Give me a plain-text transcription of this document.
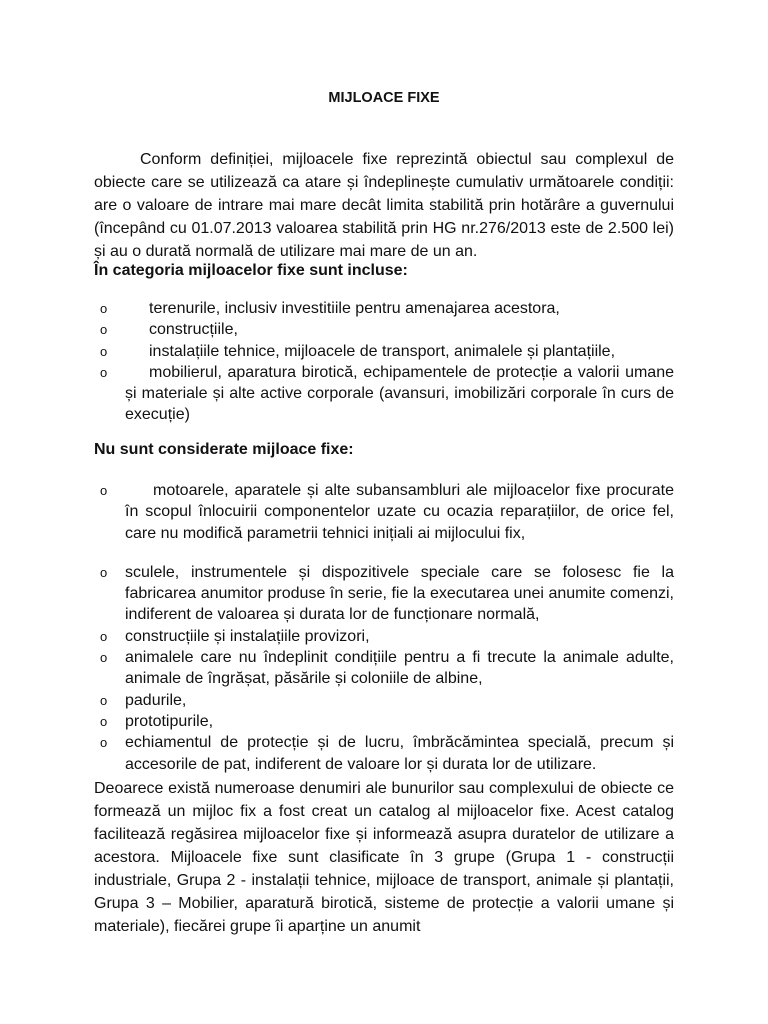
MIJLOACE FIXE

Conform definiției, mijloacele fixe reprezintă obiectul sau complexul de obiecte care se utilizează ca atare și îndeplinește cumulativ următoarele condiții: are o valoare de intrare mai mare decât limita stabilită prin hotărâre a guvernului (începând cu 01.07.2013 valoarea stabilită prin HG nr.276/2013 este de 2.500 lei) și au o durată normală de utilizare mai mare de un an.

În categoria mijloacelor fixe sunt incluse:

o	terenurile, inclusiv investitiile pentru amenajarea acestora,
o	construcțiile,
o	instalațiile tehnice, mijloacele de transport, animalele și plantațiile,
o	mobilierul, aparatura birotică, echipamentele de protecție a valorii umane și materiale și alte active corporale (avansuri, imobilizări corporale în curs de execuție)

Nu sunt considerate mijloace fixe:

o	motoarele, aparatele și alte subansambluri ale mijloacelor fixe procurate în scopul înlocuirii componentelor uzate cu ocazia reparațiilor, de orice fel, care nu modifică parametrii tehnici inițiali ai mijlocului fix,
o	sculele, instrumentele și dispozitivele speciale care se folosesc fie la fabricarea anumitor produse în serie, fie la executarea unei anumite comenzi, indiferent de valoarea și durata lor de funcționare normală,
o	construcțiile și instalațiile provizori,
o	animalele care nu îndeplinit condițiile pentru a fi trecute la animale adulte, animale de îngrășat, păsările și coloniile de albine,
o	padurile,
o	prototipurile,
o	echiamentul de protecție și de lucru, îmbrăcămintea specială, precum și accesorile de pat, indiferent de valoare lor și durata lor de utilizare.

Deoarece există numeroase denumiri ale bunurilor sau complexului de obiecte ce formează un mijloc fix a fost creat un catalog al mijloacelor fixe. Acest catalog facilitează regăsirea mijloacelor fixe și informează asupra duratelor de utilizare a acestora. Mijloacele fixe sunt clasificate în 3 grupe (Grupa 1 - construcții industriale, Grupa 2 - instalații tehnice, mijloace de transport, animale și plantații, Grupa 3 – Mobilier, aparatură birotică, sisteme de protecție a valorii umane și materiale), fiecărei grupe îi aparține un anumit
